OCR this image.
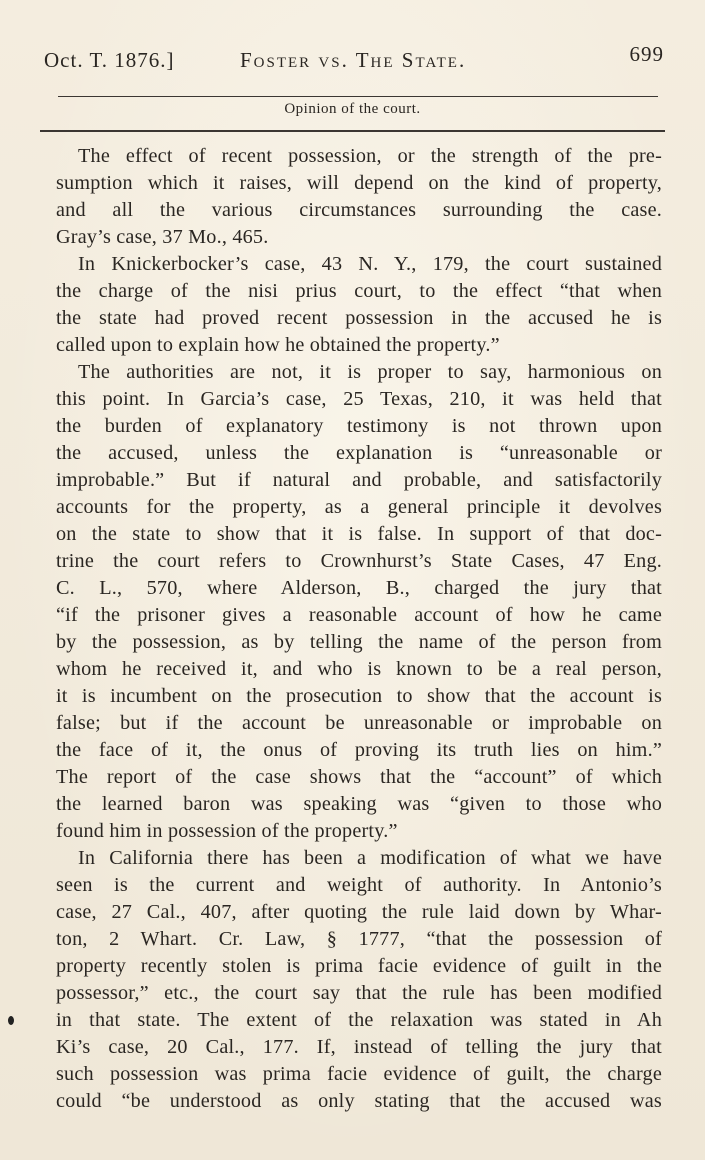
Oct. T. 1876.]	Foster vs. The State.	699
Opinion of the court.
The effect of recent possession, or the strength of the pre-
sumption which it raises, will depend on the kind of property,
and all the various circumstances surrounding the case.
Gray’s case, 37 Mo., 465.
In Knickerbocker’s case, 43 N. Y., 179, the court sustained
the charge of the nisi prius court, to the effect “that when
the state had proved recent possession in the accused he is
called upon to explain how he obtained the property.”
The authorities are not, it is proper to say, harmonious on
this point. In Garcia’s case, 25 Texas, 210, it was held that
the burden of explanatory testimony is not thrown upon
the accused, unless the explanation is “unreasonable or
improbable.” But if natural and probable, and satisfactorily
accounts for the property, as a general principle it devolves
on the state to show that it is false. In support of that doc-
trine the court refers to Crownhurst’s State Cases, 47 Eng.
C. L., 570, where Alderson, B., charged the jury that
“if the prisoner gives a reasonable account of how he came
by the possession, as by telling the name of the person from
whom he received it, and who is known to be a real person,
it is incumbent on the prosecution to show that the account is
false; but if the account be unreasonable or improbable on
the face of it, the onus of proving its truth lies on him.”
The report of the case shows that the “account” of which
the learned baron was speaking was “given to those who
found him in possession of the property.”
In California there has been a modification of what we have
seen is the current and weight of authority. In Antonio’s
case, 27 Cal., 407, after quoting the rule laid down by Whar-
ton, 2 Whart. Cr. Law, § 1777, “that the possession of
property recently stolen is prima facie evidence of guilt in the
possessor,” etc., the court say that the rule has been modified
in that state. The extent of the relaxation was stated in Ah
Ki’s case, 20 Cal., 177. If, instead of telling the jury that
such possession was prima facie evidence of guilt, the charge
could “be understood as only stating that the accused was
